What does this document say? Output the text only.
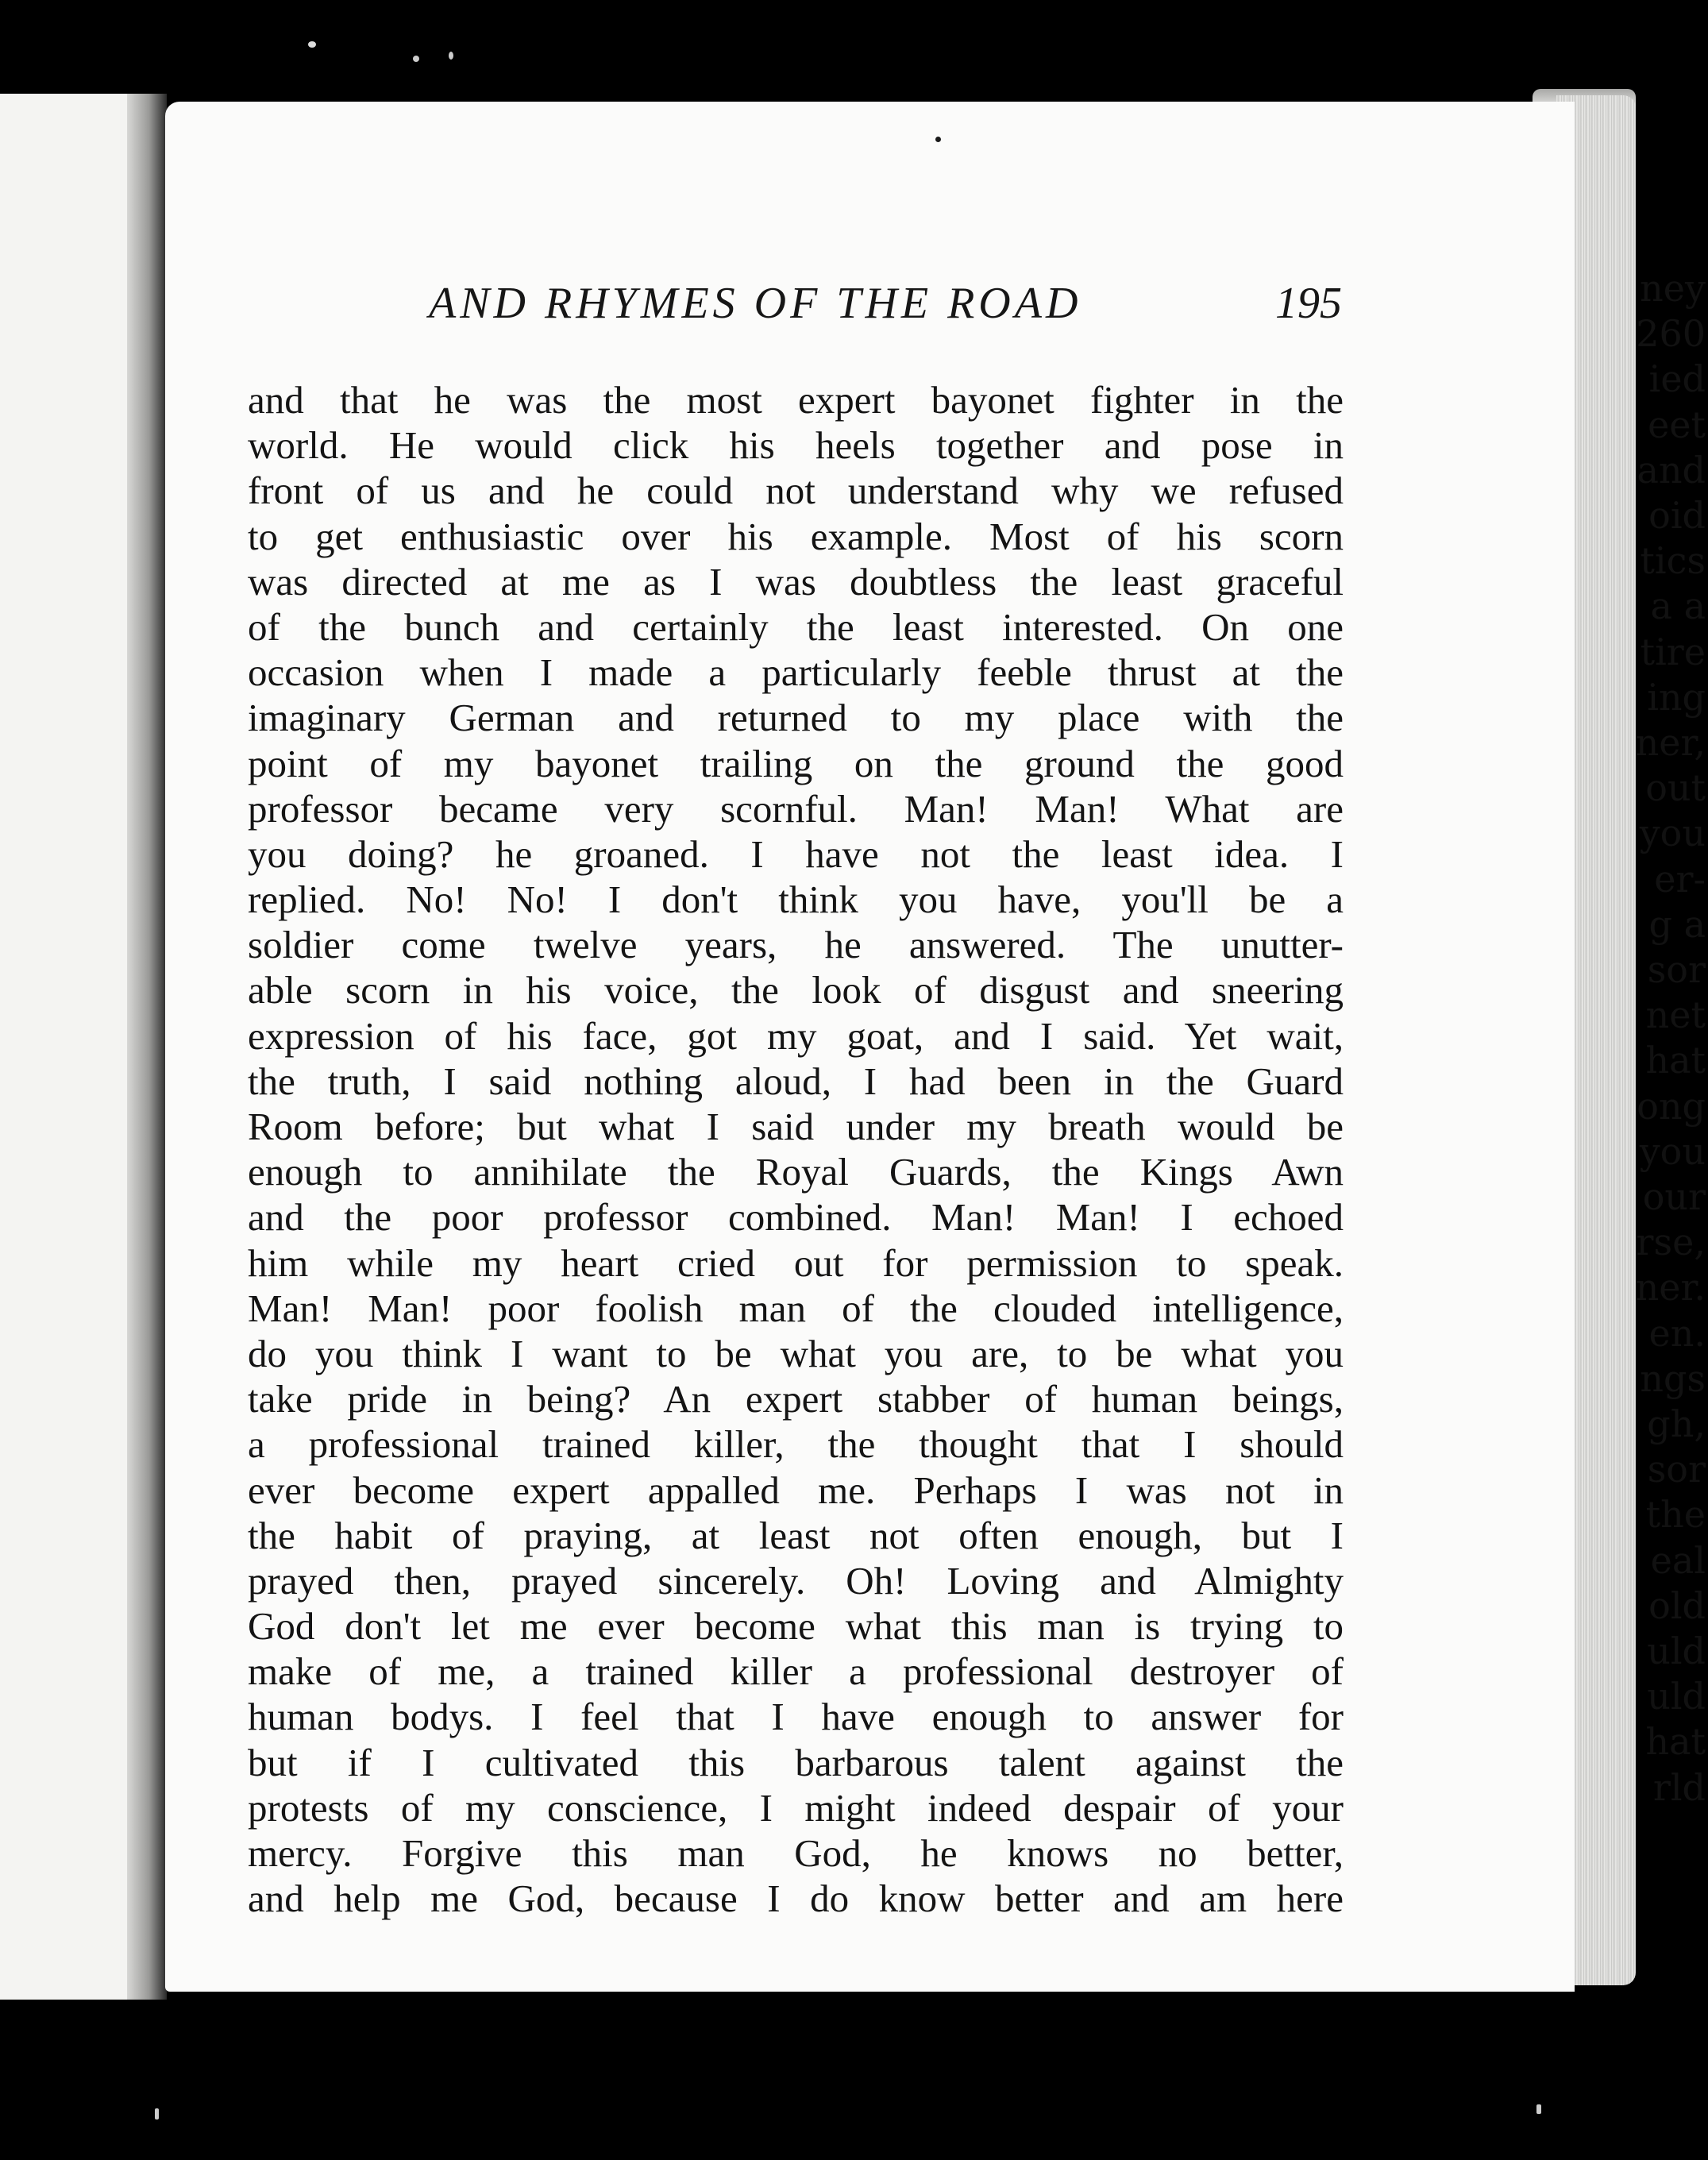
ney
260
ied
eet
and
oid
tics
a a
tire
ing
ner,
out
you
er-
g a
sor
net
hat
ong
you
our
rse,
ner.
en.
ngs
gh,
sor
the
eal
old
uld
uld
hat
rld
AND RHYMES OF THE ROAD	195
and that he was the most expert bayonet fighter in the
world. He would click his heels together and pose in
front of us and he could not understand why we refused
to get enthusiastic over his example. Most of his scorn
was directed at me as I was doubtless the least graceful
of the bunch and certainly the least interested. On one
occasion when I made a particularly feeble thrust at the
imaginary German and returned to my place with the
point of my bayonet trailing on the ground the good
professor became very scornful. Man! Man! What are
you doing? he groaned. I have not the least idea. I
replied. No! No! I don't think you have, you'll be a
soldier come twelve years, he answered. The unutter-
able scorn in his voice, the look of disgust and sneering
expression of his face, got my goat, and I said. Yet wait,
the truth, I said nothing aloud, I had been in the Guard
Room before; but what I said under my breath would be
enough to annihilate the Royal Guards, the Kings Awn
and the poor professor combined. Man! Man! I echoed
him while my heart cried out for permission to speak.
Man! Man! poor foolish man of the clouded intelligence,
do you think I want to be what you are, to be what you
take pride in being? An expert stabber of human beings,
a professional trained killer, the thought that I should
ever become expert appalled me. Perhaps I was not in
the habit of praying, at least not often enough, but I
prayed then, prayed sincerely. Oh! Loving and Almighty
God don't let me ever become what this man is trying to
make of me, a trained killer a professional destroyer of
human bodys. I feel that I have enough to answer for
but if I cultivated this barbarous talent against the
protests of my conscience, I might indeed despair of your
mercy. Forgive this man God, he knows no better,
and help me God, because I do know better and am here
